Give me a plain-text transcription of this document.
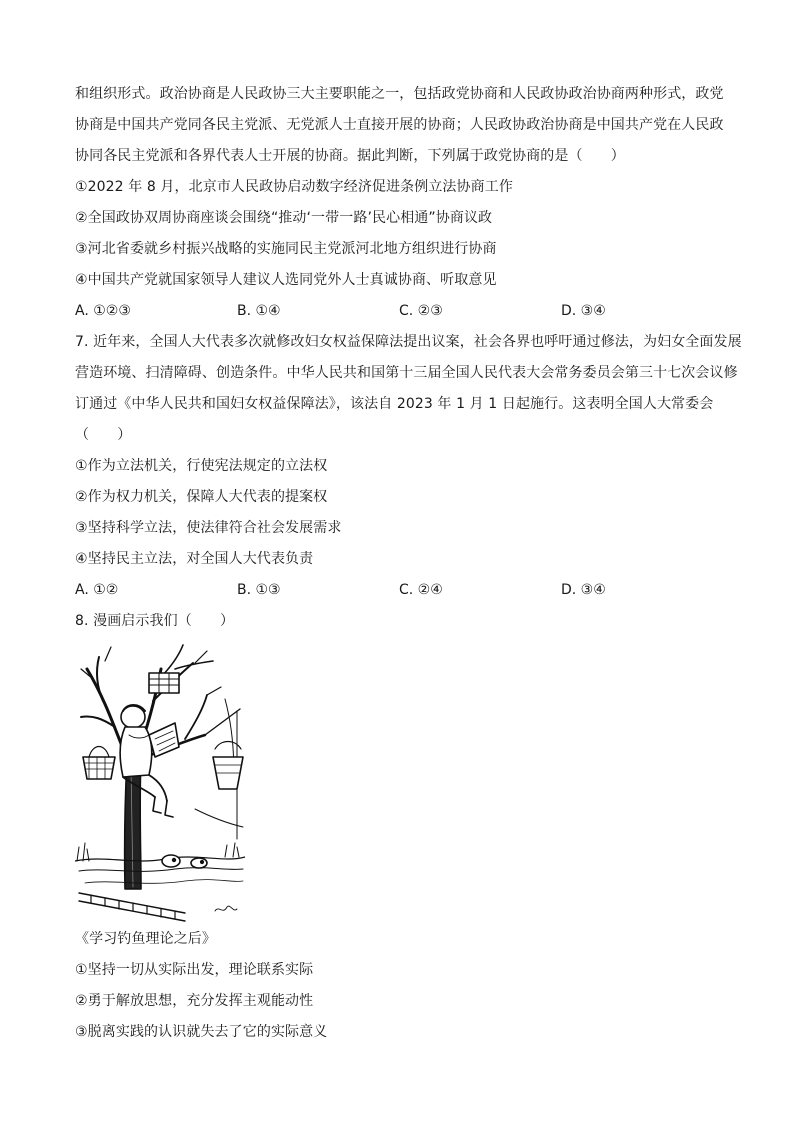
和组织形式。政治协商是人民政协三大主要职能之一，包括政党协商和人民政协政治协商两种形式，政党
协商是中国共产党同各民主党派、无党派人士直接开展的协商；人民政协政治协商是中国共产党在人民政
协同各民主党派和各界代表人士开展的协商。据此判断，下列属于政党协商的是（　　）
①2022 年 8 月，北京市人民政协启动数字经济促进条例立法协商工作
②全国政协双周协商座谈会围绕“推动‘一带一路’民心相通”协商议政
③河北省委就乡村振兴战略的实施同民主党派河北地方组织进行协商
④中国共产党就国家领导人建议人选同党外人士真诚协商、听取意见
A. ①②③	B. ①④	C. ②③	D. ③④
7. 近年来，全国人大代表多次就修改妇女权益保障法提出议案，社会各界也呼吁通过修法，为妇女全面发展
营造环境、扫清障碍、创造条件。中华人民共和国第十三届全国人民代表大会常务委员会第三十七次会议修
订通过《中华人民共和国妇女权益保障法》，该法自 2023 年 1 月 1 日起施行。这表明全国人大常委会
（　　）
①作为立法机关，行使宪法规定的立法权
②作为权力机关，保障人大代表的提案权
③坚持科学立法，使法律符合社会发展需求
④坚持民主立法，对全国人大代表负责
A. ①②	B. ①③	C. ②④	D. ③④
8. 漫画启示我们（　　）
《学习钓鱼理论之后》
①坚持一切从实际出发，理论联系实际
②勇于解放思想，充分发挥主观能动性
③脱离实践的认识就失去了它的实际意义
